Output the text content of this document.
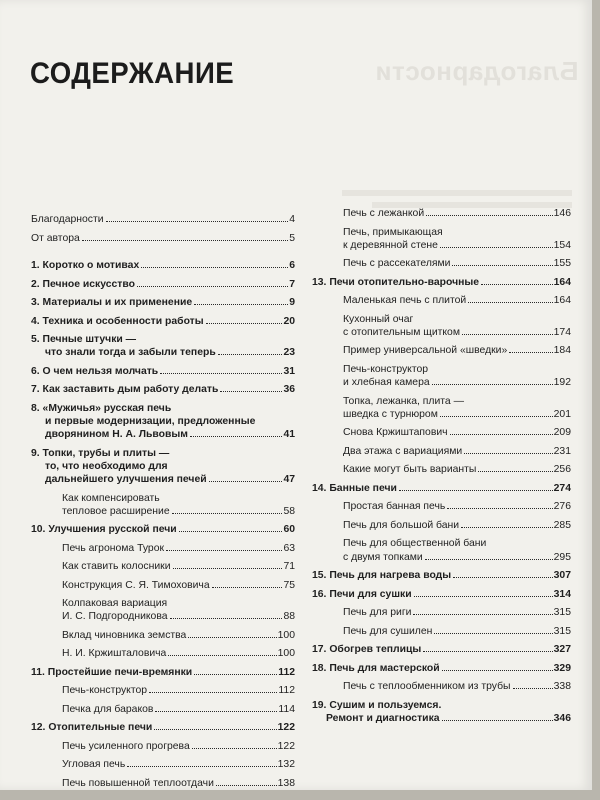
Благодарности
СОДЕРЖАНИЕ
Благодарности	4
От автора	5
1. Коротко о мотивах	6
2. Печное искусство	7
3. Материалы и их применение	9
4. Техника и особенности работы	20
5. Печные штучки —
что знали тогда и забыли теперь	23
6. О чем нельзя молчать	31
7. Как заставить дым работу делать	36
8. «Мужичья» русская печь
и первые модернизации, предложенные
дворянином Н. А. Львовым	41
9. Топки, трубы и плиты —
то, что необходимо для
дальнейшего улучшения печей	47
Как компенсировать
тепловое расширение	58
10. Улучшения русской печи	60
Печь агронома Турок	63
Как ставить колосники	71
Конструкция С. Я. Тимоховича	75
Колпаковая вариация
И. С. Подгородникова	88
Вклад чиновника земства	100
Н. И. Кржишталовича	100
11. Простейшие печи-времянки	112
Печь-конструктор	112
Печка для бараков	114
12. Отопительные печи	122
Печь усиленного прогрева	122
Угловая печь	132
Печь повышенной теплоотдачи	138
Печь с лежанкой	146
Печь, примыкающая
к деревянной стене	154
Печь с рассекателями	155
13. Печи отопительно-варочные	164
Маленькая печь с плитой	164
Кухонный очаг
с отопительным щитком	174
Пример универсальной «шведки»	184
Печь-конструктор
и хлебная камера	192
Топка, лежанка, плита —
шведка с турнюром	201
Снова Кржиштапович	209
Два этажа с вариациями	231
Какие могут быть варианты	256
14. Банные печи	274
Простая банная печь	276
Печь для большой бани	285
Печь для общественной бани
с двумя топками	295
15. Печь для нагрева воды	307
16. Печи для сушки	314
Печь для риги	315
Печь для сушилен	315
17. Обогрев теплицы	327
18. Печь для мастерской	329
Печь с теплообменником из трубы	338
19. Сушим и пользуемся.
Ремонт и диагностика	346
